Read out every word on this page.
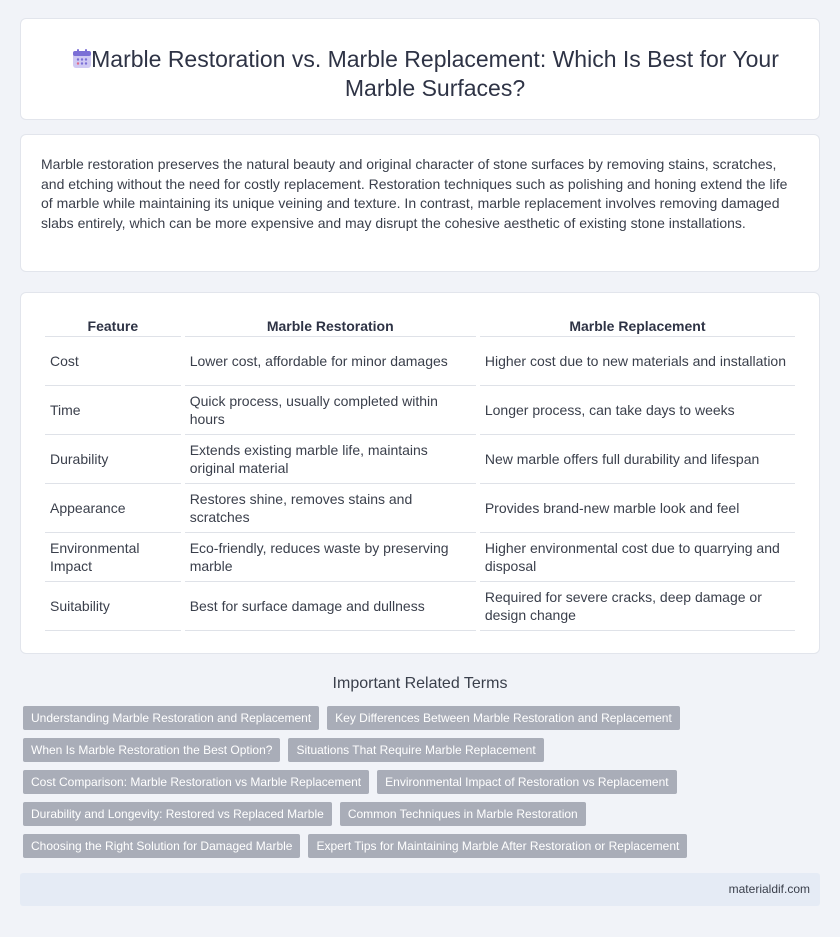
Marble Restoration vs. Marble Replacement: Which Is Best for Your Marble Surfaces?

Marble restoration preserves the natural beauty and original character of stone surfaces by removing stains, scratches, and etching without the need for costly replacement. Restoration techniques such as polishing and honing extend the life of marble while maintaining its unique veining and texture. In contrast, marble replacement involves removing damaged slabs entirely, which can be more expensive and may disrupt the cohesive aesthetic of existing stone installations.

Feature	Marble Restoration	Marble Replacement
Cost	Lower cost, affordable for minor damages	Higher cost due to new materials and installation
Time	Quick process, usually completed within hours	Longer process, can take days to weeks
Durability	Extends existing marble life, maintains original material	New marble offers full durability and lifespan
Appearance	Restores shine, removes stains and scratches	Provides brand-new marble look and feel
Environmental Impact	Eco-friendly, reduces waste by preserving marble	Higher environmental cost due to quarrying and disposal
Suitability	Best for surface damage and dullness	Required for severe cracks, deep damage or design change
Important Related Terms
Understanding Marble Restoration and Replacement	Key Differences Between Marble Restoration and Replacement
When Is Marble Restoration the Best Option?	Situations That Require Marble Replacement
Cost Comparison: Marble Restoration vs Marble Replacement	Environmental Impact of Restoration vs Replacement
Durability and Longevity: Restored vs Replaced Marble	Common Techniques in Marble Restoration
Choosing the Right Solution for Damaged Marble	Expert Tips for Maintaining Marble After Restoration or Replacement
materialdif.com
